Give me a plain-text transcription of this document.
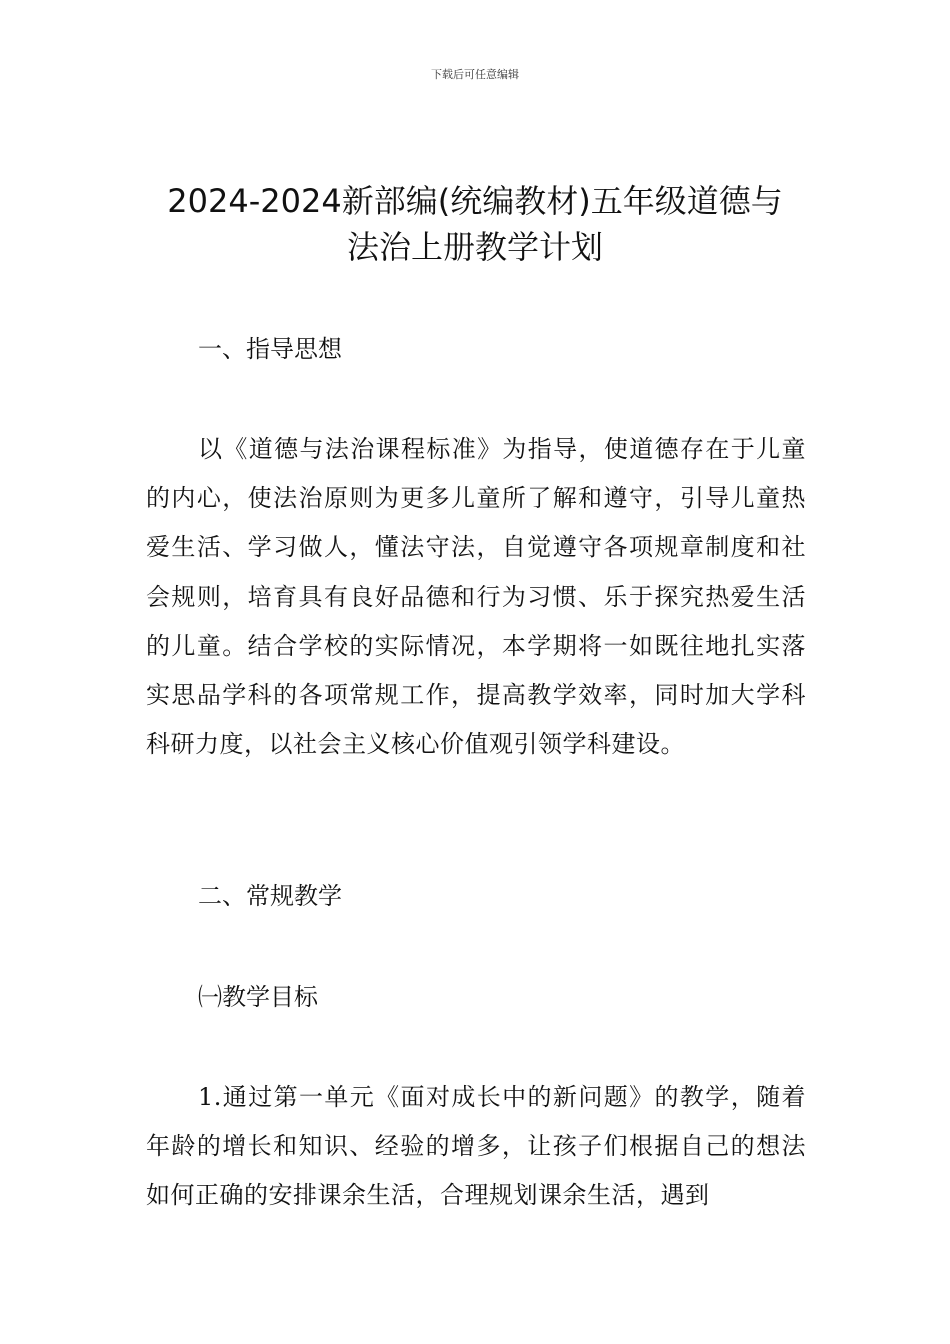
下载后可任意编辑
2024-2024新部编(统编教材)五年级道德与
法治上册教学计划
一、指导思想

以《道德与法治课程标准》为指导，使道德存在于儿童的内心，使法治原则为更多儿童所了解和遵守，引导儿童热爱生活、学习做人，懂法守法，自觉遵守各项规章制度和社会规则，培育具有良好品德和行为习惯、乐于探究热爱生活的儿童。结合学校的实际情况，本学期将一如既往地扎实落实思品学科的各项常规工作，提高教学效率，同时加大学科科研力度，以社会主义核心价值观引领学科建设。

二、常规教学
㈠教学目标

1.通过第一单元《面对成长中的新问题》的教学，随着年龄的增长和知识、经验的增多，让孩子们根据自己的想法如何正确的安排课余生活，合理规划课余生活，遇到
